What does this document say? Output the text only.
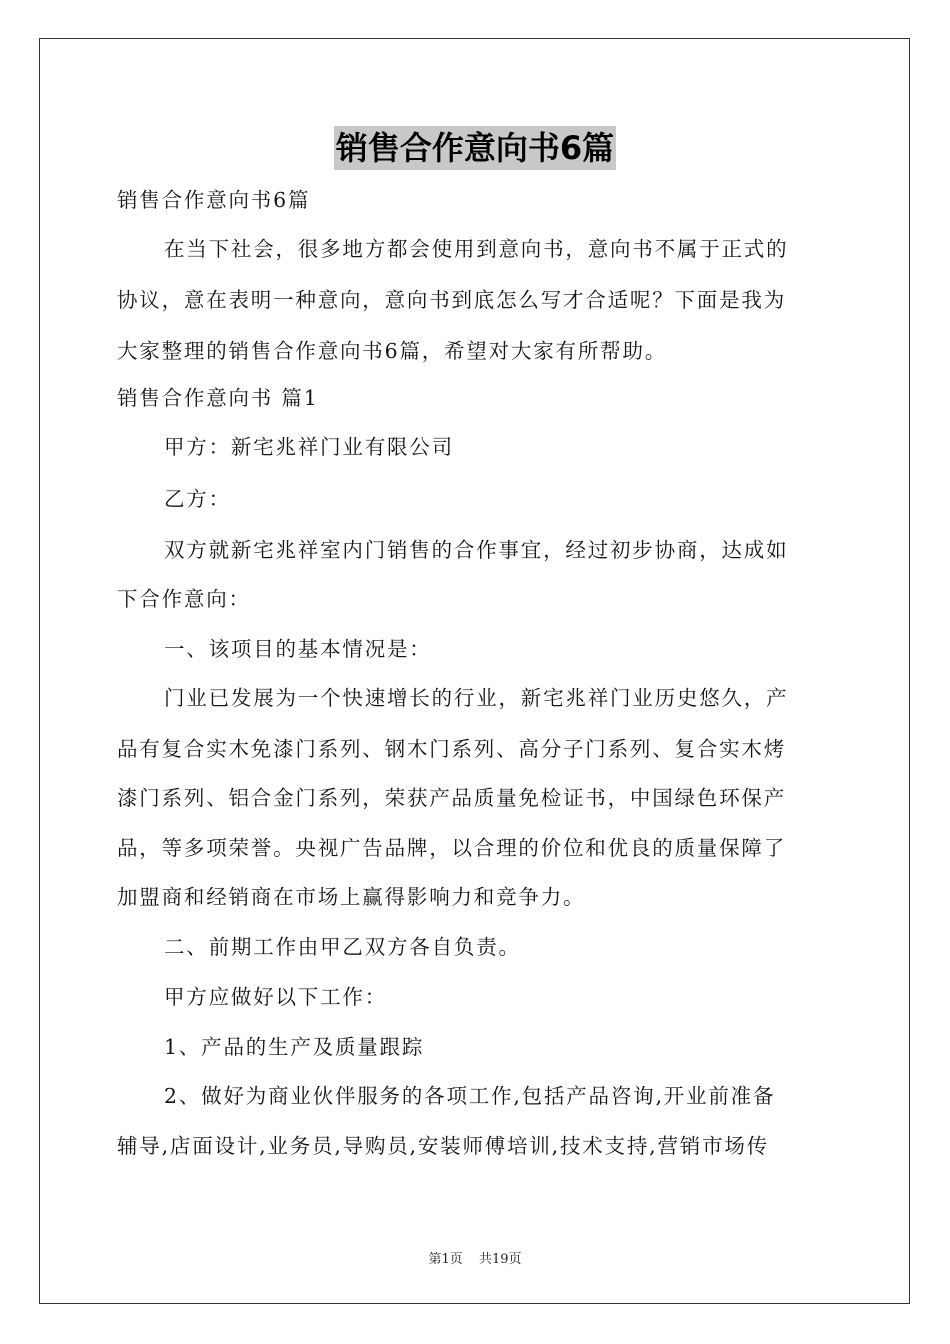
销售合作意向书6篇
销售合作意向书6篇
在当下社会，很多地方都会使用到意向书，意向书不属于正式的
协议，意在表明一种意向，意向书到底怎么写才合适呢？下面是我为
大家整理的销售合作意向书6篇，希望对大家有所帮助。
销售合作意向书 篇1
甲方：新宅兆祥门业有限公司
乙方：
双方就新宅兆祥室内门销售的合作事宜，经过初步协商，达成如
下合作意向：
一、该项目的基本情况是：
门业已发展为一个快速增长的行业，新宅兆祥门业历史悠久，产
品有复合实木免漆门系列、钢木门系列、高分子门系列、复合实木烤
漆门系列、铝合金门系列，荣获产品质量免检证书，中国绿色环保产
品，等多项荣誉。央视广告品牌，以合理的价位和优良的质量保障了
加盟商和经销商在市场上赢得影响力和竞争力。
二、前期工作由甲乙双方各自负责。
甲方应做好以下工作：
1、产品的生产及质量跟踪
2、做好为商业伙伴服务的各项工作,包括产品咨询,开业前准备
辅导,店面设计,业务员,导购员,安装师傅培训,技术支持,营销市场传
第1页 共19页
